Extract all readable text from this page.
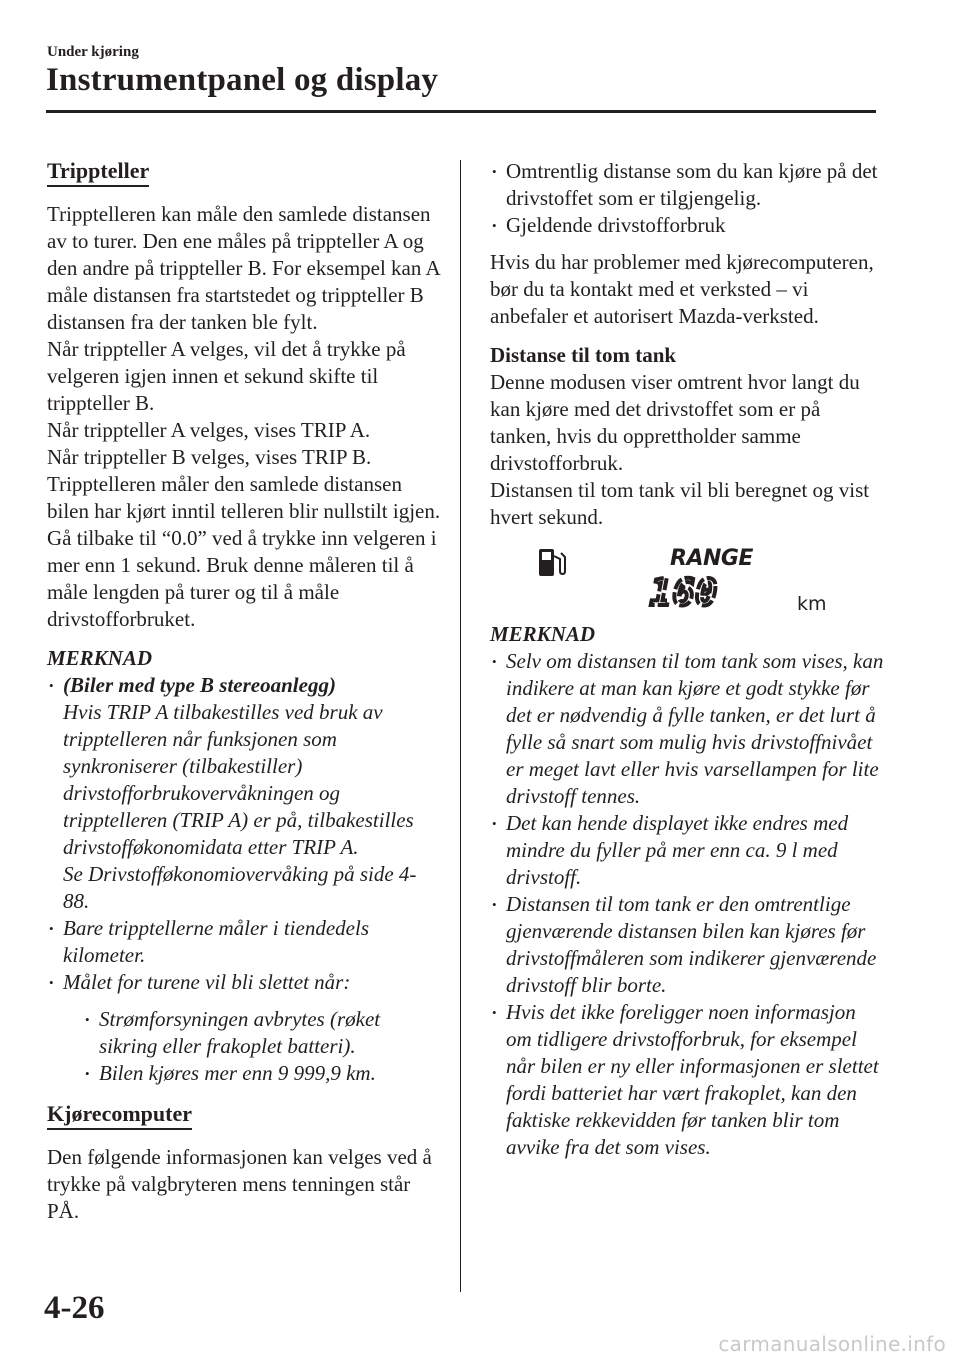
Under kjøring
Instrumentpanel og display
Trippteller

Tripptelleren kan måle den samlede distansen av to turer. Den ene måles på trippteller A og den andre på trippteller B. For eksempel kan A måle distansen fra startstedet og trippteller B distansen fra der tanken ble fylt.

Når trippteller A velges, vil det å trykke på velgeren igjen innen et sekund skifte til trippteller B.

Når trippteller A velges, vises TRIP A.

Når trippteller B velges, vises TRIP B.

Tripptelleren måler den samlede distansen bilen har kjørt inntil telleren blir nullstilt igjen. Gå tilbake til “0.0” ved å trykke inn velgeren i mer enn 1 sekund. Bruk denne måleren til å måle lengden på turer og til å måle drivstofforbruket.

MERKNAD

• (Biler med type B stereoanlegg)
Hvis TRIP A tilbakestilles ved bruk av tripptelleren når funksjonen som synkroniserer (tilbakestiller) drivstofforbrukovervåkningen og tripptelleren (TRIP A) er på, tilbakestilles drivstofføkonomidata etter TRIP A.
Se Drivstofføkonomiovervåking på side 4-88.
• Bare tripptellerne måler i tiendedels kilometer.
• Målet for turene vil bli slettet når:
• Strømforsyningen avbrytes (røket sikring eller frakoplet batteri).
• Bilen kjøres mer enn 9 999,9 km.
Kjørecomputer

Den følgende informasjonen kan velges ved å trykke på valgbryteren mens tenningen står PÅ.

• Omtrentlig distanse som du kan kjøre på det drivstoffet som er tilgjengelig.
• Gjeldende drivstofforbruk

Hvis du har problemer med kjørecomputeren, bør du ta kontakt med et verksted – vi anbefaler et autorisert Mazda-verksted.

Distanse til tom tank

Denne modusen viser omtrent hvor langt du kan kjøre med det drivstoffet som er på tanken, hvis du opprettholder samme drivstofforbruk.

Distansen til tom tank vil bli beregnet og vist hvert sekund.

RANGE
160	km

MERKNAD

• Selv om distansen til tom tank som vises, kan indikere at man kan kjøre et godt stykke før det er nødvendig å fylle tanken, er det lurt å fylle så snart som mulig hvis drivstoffnivået er meget lavt eller hvis varsellampen for lite drivstoff tennes.
• Det kan hende displayet ikke endres med mindre du fyller på mer enn ca. 9 l med drivstoff.
• Distansen til tom tank er den omtrentlige gjenværende distansen bilen kan kjøres før drivstoffmåleren som indikerer gjenværende drivstoff blir borte.
• Hvis det ikke foreligger noen informasjon om tidligere drivstofforbruk, for eksempel når bilen er ny eller informasjonen er slettet fordi batteriet har vært frakoplet, kan den faktiske rekkevidden før tanken blir tom avvike fra det som vises.
4-26
carmanualsonline.info
